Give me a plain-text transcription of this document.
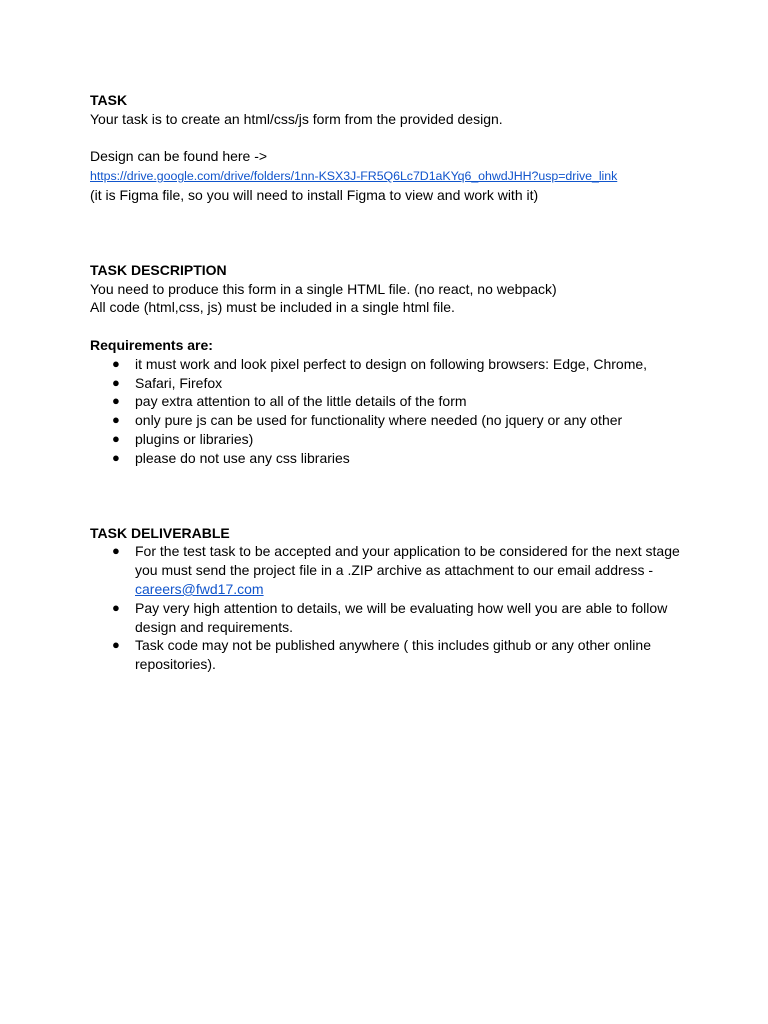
TASK

Your task is to create an html/css/js form from the provided design.

Design can be found here ->

https://drive.google.com/drive/folders/1nn-KSX3J-FR5Q6Lc7D1aKYq6_ohwdJHH?usp=drive_link

(it is Figma file, so you will need to install Figma to view and work with it)

TASK DESCRIPTION

You need to produce this form in a single HTML file. (no react, no webpack)

All code (html,css, js) must be included in a single html file.

Requirements are:

● it must work and look pixel perfect to design on following browsers: Edge, Chrome,
● Safari, Firefox
● pay extra attention to all of the little details of the form
● only pure js can be used for functionality where needed (no jquery or any other
● plugins or libraries)
● please do not use any css libraries

TASK DELIVERABLE

● For the test task to be accepted and your application to be considered for the next stage
you must send the project file in a .ZIP archive as attachment to our email address -
careers@fwd17.com
● Pay very high attention to details, we will be evaluating how well you are able to follow
design and requirements.
● Task code may not be published anywhere ( this includes github or any other online
repositories).
